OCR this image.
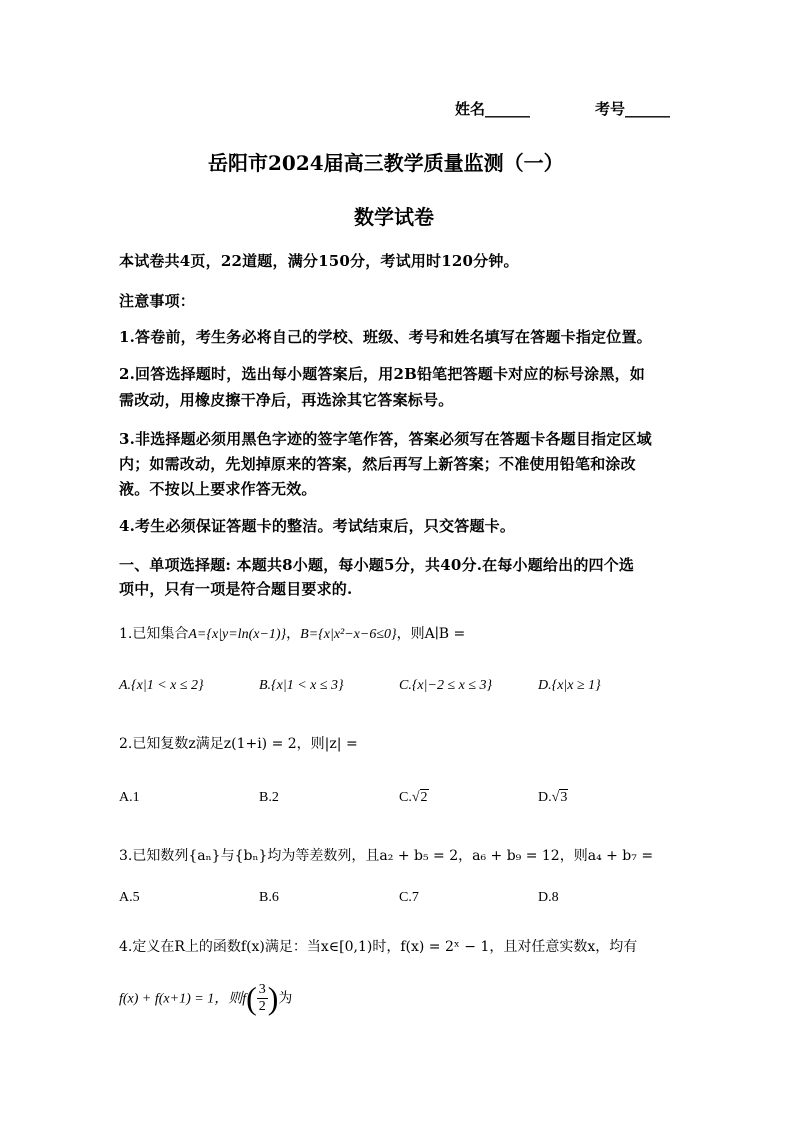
姓名______	考号______
岳阳市2024届高三教学质量监测（一）
数学试卷
本试卷共4页，22道题，满分150分，考试用时120分钟。
注意事项：
1.答卷前，考生务必将自己的学校、班级、考号和姓名填写在答题卡指定位置。
2.回答选择题时，选出每小题答案后，用2B铅笔把答题卡对应的标号涂黑，如
需改动，用橡皮擦干净后，再选涂其它答案标号。
3.非选择题必须用黑色字迹的签字笔作答，答案必须写在答题卡各题目指定区域
内；如需改动，先划掉原来的答案，然后再写上新答案；不准使用铅笔和涂改
液。不按以上要求作答无效。
4.考生必须保证答题卡的整洁。考试结束后，只交答题卡。
一、单项选择题: 本题共8小题，每小题5分，共40分.在每小题给出的四个选
项中，只有一项是符合题目要求的.
1.已知集合A={x|y=ln(x−1)}，B={x|x²−x−6≤0}，则A∣B =
A.{x|1 < x ≤ 2}	B.{x|1 < x ≤ 3}	C.{x|−2 ≤ x ≤ 3}	D.{x|x ≥ 1}
2.已知复数z满足z(1+i) = 2，则|z| =
A.1	B.2	C.√2	D.√3
3.已知数列{aₙ}与{bₙ}均为等差数列，且a₂ + b₅ = 2，a₆ + b₉ = 12，则a₄ + b₇ =
A.5	B.6	C.7	D.8
4.定义在R上的函数f(x)满足：当x∈[0,1)时，f(x) = 2ˣ − 1，且对任意实数x，均有
f(x) + f(x+1) = 1，则$f( \frac{3}{2}$ )为
